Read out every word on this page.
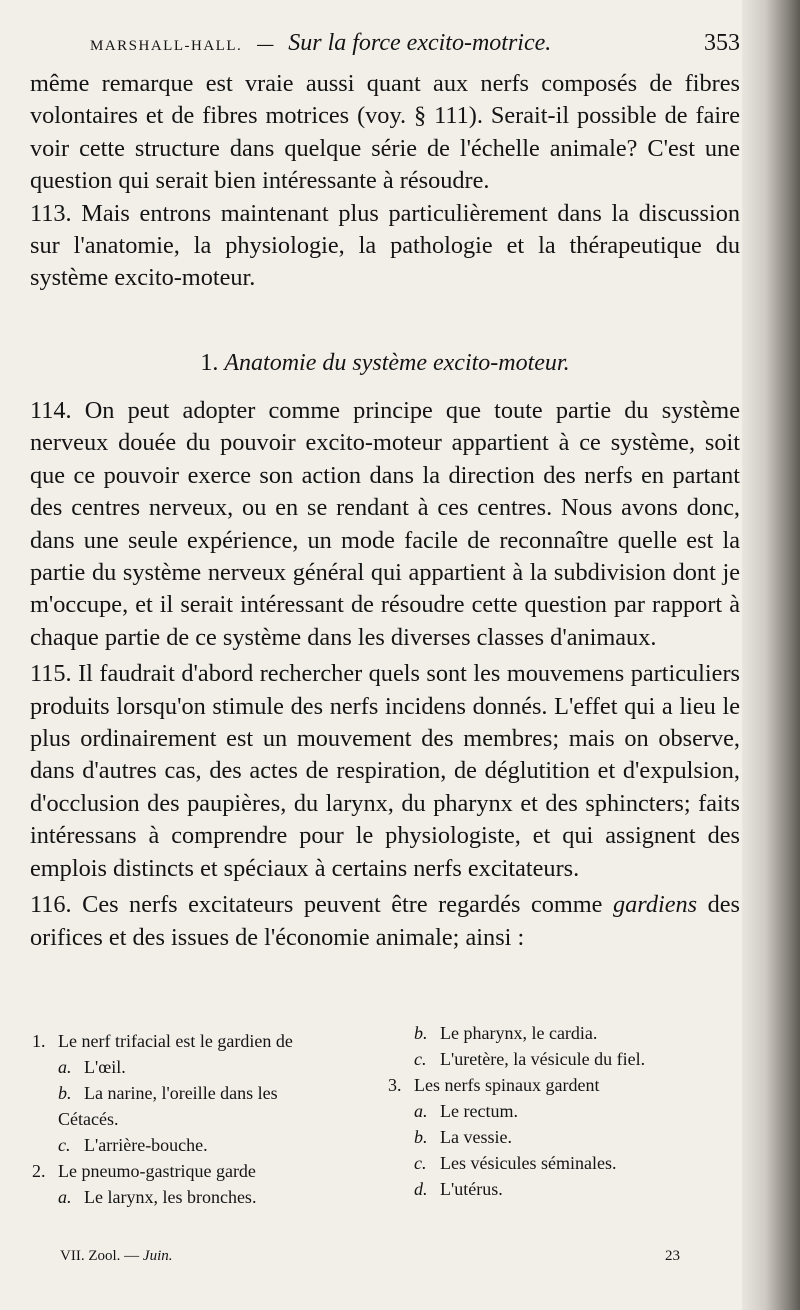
MARSHALL-HALL. — Sur la force excito-motrice.	353

même remarque est vraie aussi quant aux nerfs composés de fibres volontaires et de fibres motrices (voy. § 111). Serait-il possible de faire voir cette structure dans quelque série de l'échelle animale? C'est une question qui serait bien intéressante à résoudre.

113. Mais entrons maintenant plus particulièrement dans la discussion sur l'anatomie, la physiologie, la pathologie et la thérapeutique du système excito-moteur.

1. Anatomie du système excito-moteur.

114. On peut adopter comme principe que toute partie du système nerveux douée du pouvoir excito-moteur appartient à ce système, soit que ce pouvoir exerce son action dans la direction des nerfs en partant des centres nerveux, ou en se rendant à ces centres. Nous avons donc, dans une seule expérience, un mode facile de reconnaître quelle est la partie du système nerveux général qui appartient à la subdivision dont je m'occupe, et il serait intéressant de résoudre cette question par rapport à chaque partie de ce système dans les diverses classes d'animaux.

115. Il faudrait d'abord rechercher quels sont les mouvemens particuliers produits lorsqu'on stimule des nerfs incidens donnés. L'effet qui a lieu le plus ordinairement est un mouvement des membres; mais on observe, dans d'autres cas, des actes de respiration, de déglutition et d'expulsion, d'occlusion des paupières, du larynx, du pharynx et des sphincters; faits intéressans à comprendre pour le physiologiste, et qui assignent des emplois distincts et spéciaux à certains nerfs excitateurs.

116. Ces nerfs excitateurs peuvent être regardés comme gardiens des orifices et des issues de l'économie animale; ainsi :

1. Le nerf trifacial est le gardien de
a. L'œil.
b. La narine, l'oreille dans les Cétacés.
c. L'arrière-bouche.
2. Le pneumo-gastrique garde
a. Le larynx, les bronches.
b. Le pharynx, le cardia.
c. L'uretère, la vésicule du fiel.
3. Les nerfs spinaux gardent
a. Le rectum.
b. La vessie.
c. Les vésicules séminales.
d. L'utérus.
VII. Zool. — Juin.	23
